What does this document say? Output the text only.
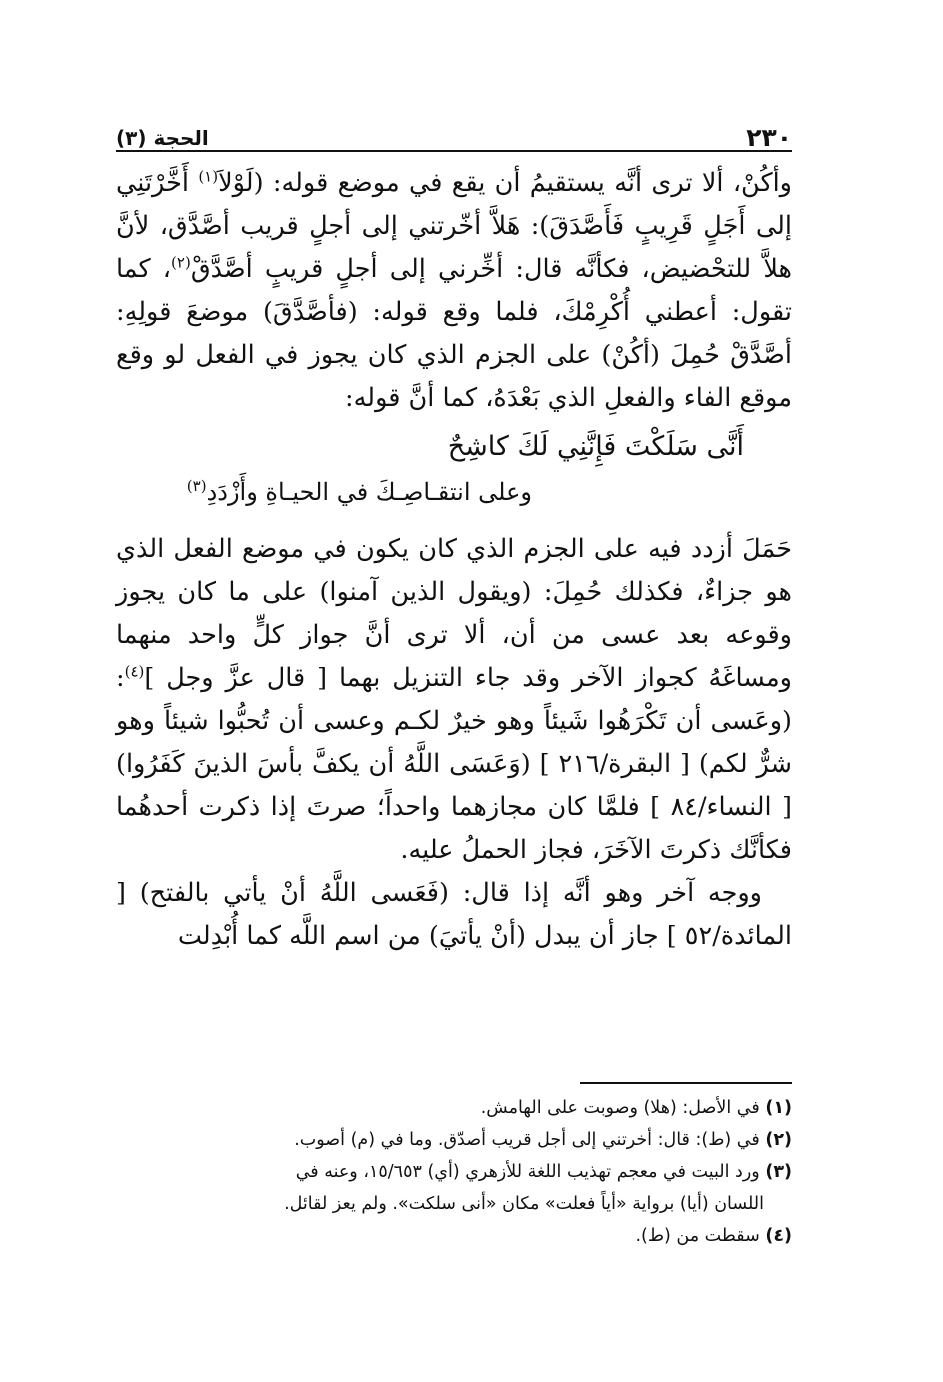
٢٣٠
الحجة (٣)

وأكُنْ، ألا ترى أنَّه يستقيمُ أن يقع في موضع قوله: (لَوْلاَ$^{(١)}$ أَخَّرْتَنِي إلى أَجَلٍ قَرِيبٍ فَأَصَّدَقَ): هَلاَّ أخّرتني إلى أجلٍ قريب أصَّدَّق، لأنَّ هلاَّ للتحْضيض، فكأنَّه قال: أخِّرني إلى أجلٍ قريبٍ أصَّدَّقْ$^{(٢)}$، كما تقول: أعطني أُكْرِمْكَ، فلما وقع قوله: (فأصَّدَّقَ) موضعَ قولِهِ: أصَّدَّقْ حُمِلَ (أكُنْ) على الجزم الذي كان يجوز في الفعل لو وقع موقع الفاء والفعلِ الذي بَعْدَهُ، كما أنَّ قوله:

أَنَّى سَلَكْتَ فَإِنَّنِي لَكَ كاشِحٌ
وعلى انتقـاصِـكَ في الحيـاةِ وأَزْدَدِ$^{(٣)}$

حَمَلَ أزدد فيه على الجزم الذي كان يكون في موضع الفعل الذي هو جزاءٌ، فكذلك حُمِلَ: (ويقول الذين آمنوا) على ما كان يجوز وقوعه بعد عسى من أن، ألا ترى أنَّ جواز كلٍّ واحد منهما ومساغَهُ كجواز الآخر وقد جاء التنزيل بهما [ قال عزَّ وجل ]$^{(٤)}$: (وعَسى أن تَكْرَهُوا شَيئاً وهو خيرٌ لكـم وعسى أن تُحبُّوا شيئاً وهو شرٌّ لكم) [ البقرة/٢١٦ ] (وَعَسَى اللَّهُ أن يكفَّ بأسَ الذينَ كَفَرُوا) [ النساء/٨٤ ] فلمَّا كان مجازهما واحداً؛ صرتَ إذا ذكرت أحدهُما فكأنَّك ذكرتَ الآخَرَ، فجاز الحملُ عليه.

ووجه آخر وهو أنَّه إذا قال: (فَعَسى اللَّهُ أنْ يأتي بالفتح) [ المائدة/٥٢ ] جاز أن يبدل (أنْ يأتيَ) من اسم اللَّه كما أُبْدِلت

(١) في الأصل: (هلا) وصوبت على الهامش.

(٢) في (ط): قال: أخرتني إلى أجل قريب أصدّق. وما في (م) أصوب.

(٣) ورد البيت في معجم تهذيب اللغة للأزهري (أي) ١٥/٦٥٣، وعنه في

اللسان (أيا) برواية «أياً فعلت» مكان «أنى سلكت». ولم يعز لقائل.

(٤) سقطت من (ط).
